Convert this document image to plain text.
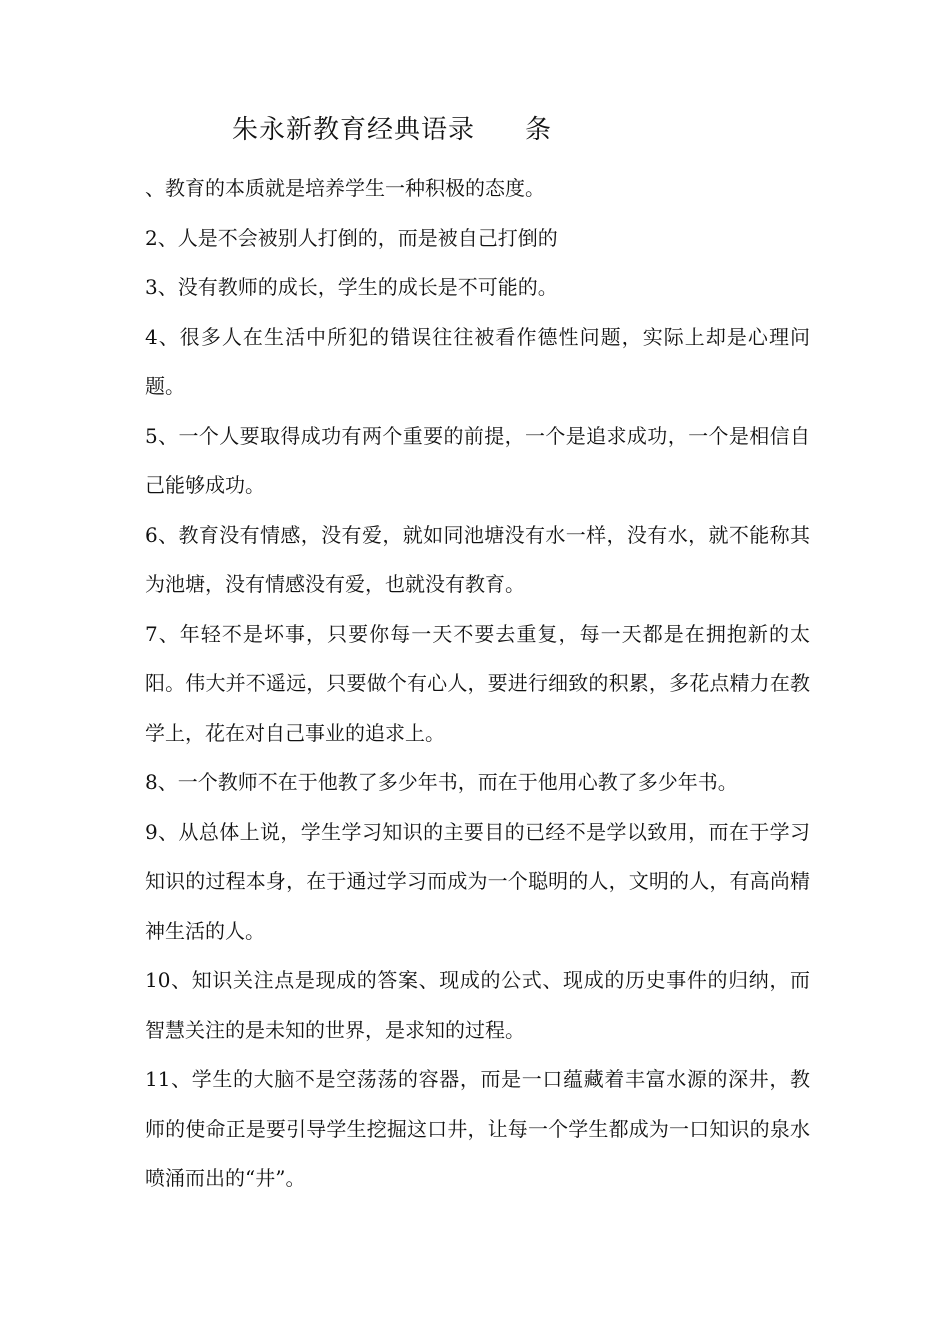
朱永新教育经典语录 条

、教育的本质就是培养学生一种积极的态度。

2、人是不会被别人打倒的，而是被自己打倒的

3、没有教师的成长，学生的成长是不可能的。

4、很多人在生活中所犯的错误往往被看作德性问题，实际上却是心理问题。

5、一个人要取得成功有两个重要的前提，一个是追求成功，一个是相信自己能够成功。

6、教育没有情感，没有爱，就如同池塘没有水一样，没有水，就不能称其为池塘，没有情感没有爱，也就没有教育。

7、年轻不是坏事，只要你每一天不要去重复，每一天都是在拥抱新的太阳。伟大并不遥远，只要做个有心人，要进行细致的积累，多花点精力在教学上，花在对自己事业的追求上。

8、一个教师不在于他教了多少年书，而在于他用心教了多少年书。

9、从总体上说，学生学习知识的主要目的已经不是学以致用，而在于学习知识的过程本身，在于通过学习而成为一个聪明的人，文明的人，有高尚精神生活的人。

10、知识关注点是现成的答案、现成的公式、现成的历史事件的归纳，而智慧关注的是未知的世界，是求知的过程。

11、学生的大脑不是空荡荡的容器，而是一口蕴藏着丰富水源的深井，教师的使命正是要引导学生挖掘这口井，让每一个学生都成为一口知识的泉水喷涌而出的“井”。
